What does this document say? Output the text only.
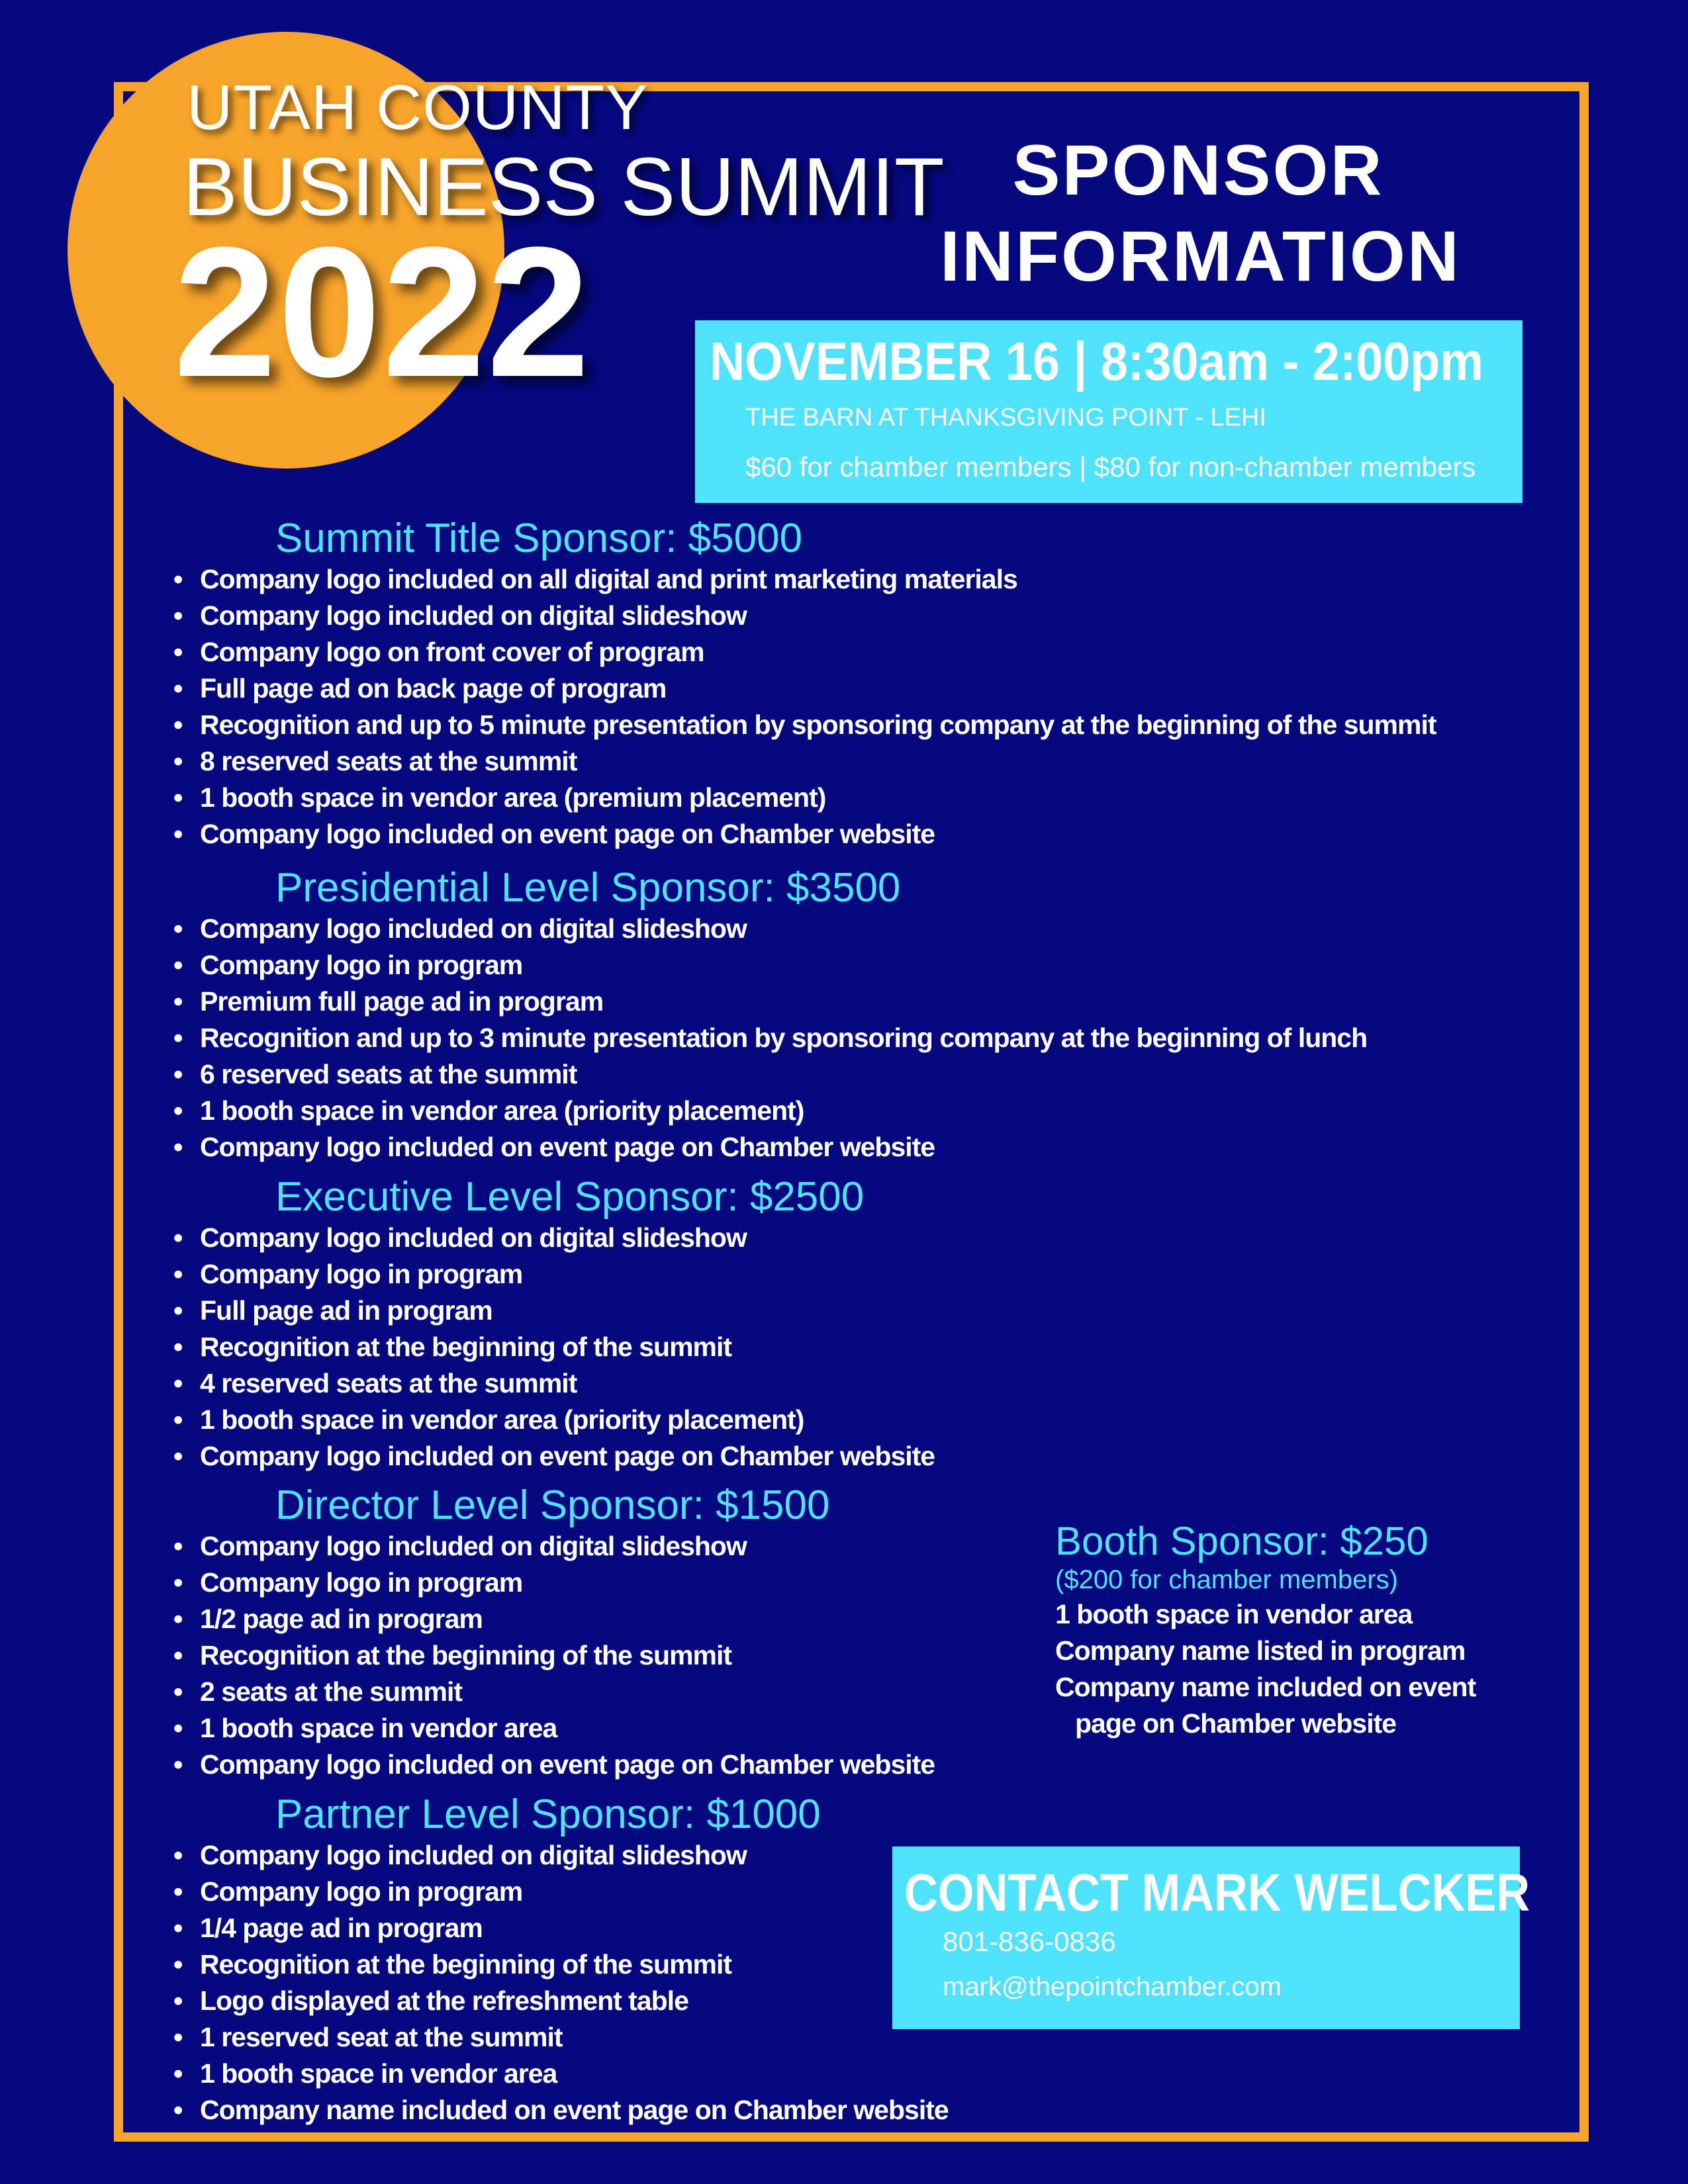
UTAH COUNTY
BUSINESS SUMMIT
2022
SPONSOR
INFORMATION
NOVEMBER 16 | 8:30am - 2:00pm
THE BARN AT THANKSGIVING POINT - LEHI
$60 for chamber members | $80 for non-chamber members
Summit Title Sponsor: $5000
• Company logo included on all digital and print marketing materials
• Company logo included on digital slideshow
• Company logo on front cover of program
• Full page ad on back page of program
• Recognition and up to 5 minute presentation by sponsoring company at the beginning of the summit
• 8 reserved seats at the summit
• 1 booth space in vendor area (premium placement)
• Company logo included on event page on Chamber website
Presidential Level Sponsor: $3500
• Company logo included on digital slideshow
• Company logo in program
• Premium full page ad in program
• Recognition and up to 3 minute presentation by sponsoring company at the beginning of lunch
• 6 reserved seats at the summit
• 1 booth space in vendor area (priority placement)
• Company logo included on event page on Chamber website
Executive Level Sponsor: $2500
• Company logo included on digital slideshow
• Company logo in program
• Full page ad in program
• Recognition at the beginning of the summit
• 4 reserved seats at the summit
• 1 booth space in vendor area (priority placement)
• Company logo included on event page on Chamber website
Director Level Sponsor: $1500
• Company logo included on digital slideshow
• Company logo in program
• 1/2 page ad in program
• Recognition at the beginning of the summit
• 2 seats at the summit
• 1 booth space in vendor area
• Company logo included on event page on Chamber website
Partner Level Sponsor: $1000
• Company logo included on digital slideshow
• Company logo in program
• 1/4 page ad in program
• Recognition at the beginning of the summit
• Logo displayed at the refreshment table
• 1 reserved seat at the summit
• 1 booth space in vendor area
• Company name included on event page on Chamber website
Booth Sponsor: $250
($200 for chamber members)
1 booth space in vendor area
Company name listed in program
Company name included on event
page on Chamber website
CONTACT MARK WELCKER
801-836-0836
mark@thepointchamber.com
